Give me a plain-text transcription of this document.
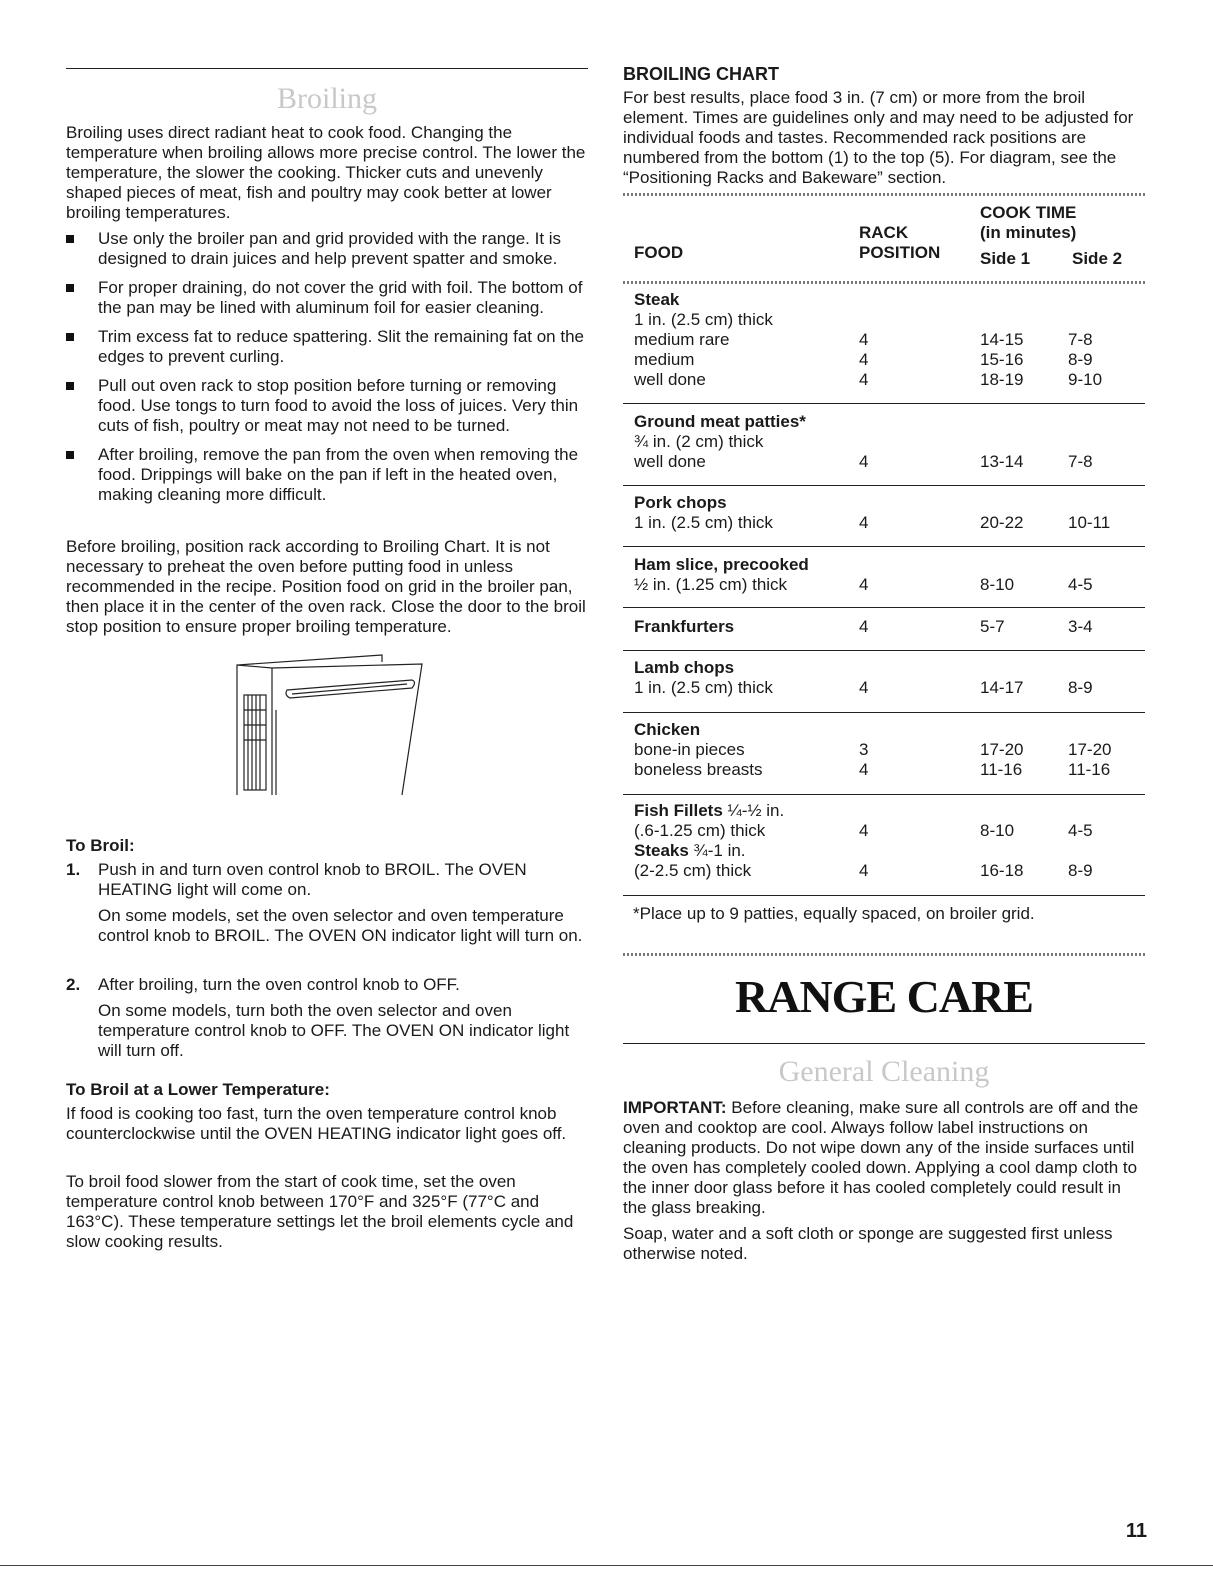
Broiling

Broiling uses direct radiant heat to cook food. Changing the temperature when broiling allows more precise control. The lower the temperature, the slower the cooking. Thicker cuts and unevenly shaped pieces of meat, fish and poultry may cook better at lower broiling temperatures.

Use only the broiler pan and grid provided with the range. It is designed to drain juices and help prevent spatter and smoke.
For proper draining, do not cover the grid with foil. The bottom of the pan may be lined with aluminum foil for easier cleaning.
Trim excess fat to reduce spattering. Slit the remaining fat on the edges to prevent curling.
Pull out oven rack to stop position before turning or removing food. Use tongs to turn food to avoid the loss of juices. Very thin cuts of fish, poultry or meat may not need to be turned.
After broiling, remove the pan from the oven when removing the food. Drippings will bake on the pan if left in the heated oven, making cleaning more difficult.

Before broiling, position rack according to Broiling Chart. It is not necessary to preheat the oven before putting food in unless recommended in the recipe. Position food on grid in the broiler pan, then place it in the center of the oven rack. Close the door to the broil stop position to ensure proper broiling temperature.

To Broil:
1. Push in and turn oven control knob to BROIL. The OVEN HEATING light will come on.
On some models, set the oven selector and oven temperature control knob to BROIL. The OVEN ON indicator light will turn on.
2. After broiling, turn the oven control knob to OFF.
On some models, turn both the oven selector and oven temperature control knob to OFF. The OVEN ON indicator light will turn off.
To Broil at a Lower Temperature:

If food is cooking too fast, turn the oven temperature control knob counterclockwise until the OVEN HEATING indicator light goes off.

To broil food slower from the start of cook time, set the oven temperature control knob between 170°F and 325°F (77°C and 163°C). These temperature settings let the broil elements cycle and slow cooking results.

BROILING CHART

For best results, place food 3 in. (7 cm) or more from the broil element. Times are guidelines only and may need to be adjusted for individual foods and tastes. Recommended rack positions are numbered from the bottom (1) to the top (5). For diagram, see the “Positioning Racks and Bakeware” section.

FOOD
RACK
POSITION
COOK TIME
(in minutes)
Side 1 Side 2
Steak
1 in. (2.5 cm) thick
medium rare	4	14-15	7-8
medium	4	15-16	8-9
well done	4	18-19	9-10
Ground meat patties*
¾ in. (2 cm) thick
well done	4	13-14	7-8
Pork chops
1 in. (2.5 cm) thick	4	20-22	10-11
Ham slice, precooked
½ in. (1.25 cm) thick	4	8-10	4-5
Frankfurters	4	5-7	3-4
Lamb chops
1 in. (2.5 cm) thick	4	14-17	8-9
Chicken
bone-in pieces	3	17-20	17-20
boneless breasts	4	11-16	11-16
Fish Fillets ¼-½ in.
(.6-1.25 cm) thick	4	8-10	4-5
Steaks ¾-1 in.
(2-2.5 cm) thick	4	16-18	8-9

*Place up to 9 patties, equally spaced, on broiler grid.

RANGE CARE
General Cleaning

IMPORTANT: Before cleaning, make sure all controls are off and the oven and cooktop are cool. Always follow label instructions on cleaning products. Do not wipe down any of the inside surfaces until the oven has completely cooled down. Applying a cool damp cloth to the inner door glass before it has cooled completely could result in the glass breaking.

Soap, water and a soft cloth or sponge are suggested first unless otherwise noted.

11
